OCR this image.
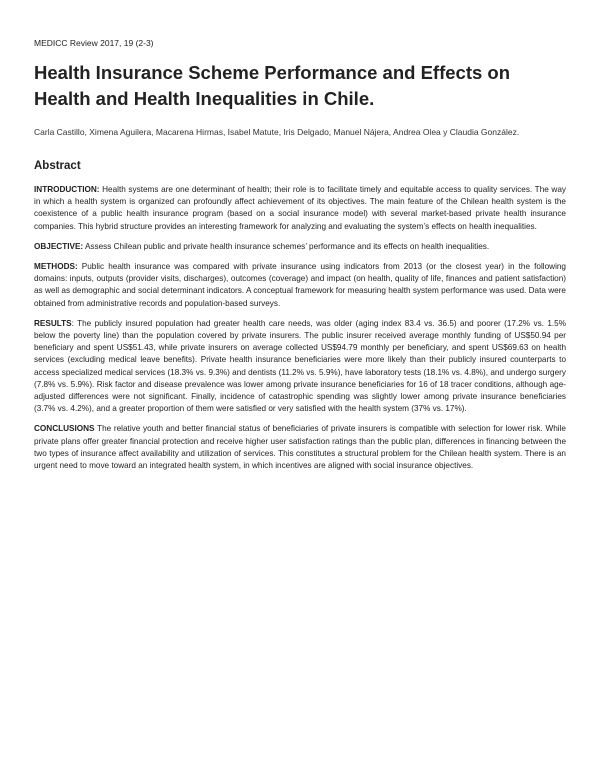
MEDICC Review 2017, 19 (2-3)
Health Insurance Scheme Performance and Effects on Health and Health Inequalities in Chile.
Carla Castillo, Ximena Aguilera, Macarena Hirmas, Isabel Matute, Iris Delgado, Manuel Nájera, Andrea Olea y Claudia González.
Abstract

INTRODUCTION: Health systems are one determinant of health; their role is to facilitate timely and equitable access to quality services. The way in which a health system is organized can profoundly affect achievement of its objectives. The main feature of the Chilean health system is the coexistence of a public health insurance program (based on a social insurance model) with several market-based private health insurance companies. This hybrid structure provides an interesting framework for analyzing and evaluating the system’s effects on health inequalities.

OBJECTIVE: Assess Chilean public and private health insurance schemes’ performance and its effects on health inequalities.

METHODS: Public health insurance was compared with private insurance using indicators from 2013 (or the closest year) in the following domains: inputs, outputs (provider visits, discharges), outcomes (coverage) and impact (on health, quality of life, finances and patient satisfaction) as well as demographic and social determinant indicators. A conceptual framework for measuring health system performance was used. Data were obtained from administrative records and population-based surveys.

RESULTS: The publicly insured population had greater health care needs, was older (aging index 83.4 vs. 36.5) and poorer (17.2% vs. 1.5% below the poverty line) than the population covered by private insurers. The public insurer received average monthly funding of US$50.94 per beneficiary and spent US$51.43, while private insurers on average collected US$94.79 monthly per beneficiary, and spent US$69.63 on health services (excluding medical leave benefits). Private health insurance beneficiaries were more likely than their publicly insured counterparts to access specialized medical services (18.3% vs. 9.3%) and dentists (11.2% vs. 5.9%), have laboratory tests (18.1% vs. 4.8%), and undergo surgery (7.8% vs. 5.9%). Risk factor and disease prevalence was lower among private insurance beneficiaries for 16 of 18 tracer conditions, although age-adjusted differences were not significant. Finally, incidence of catastrophic spending was slightly lower among private insurance beneficiaries (3.7% vs. 4.2%), and a greater proportion of them were satisfied or very satisfied with the health system (37% vs. 17%).

CONCLUSIONS The relative youth and better financial status of beneficiaries of private insurers is compatible with selection for lower risk. While private plans offer greater financial protection and receive higher user satisfaction ratings than the public plan, differences in financing between the two types of insurance affect availability and utilization of services. This constitutes a structural problem for the Chilean health system. There is an urgent need to move toward an integrated health system, in which incentives are aligned with social insurance objectives.
